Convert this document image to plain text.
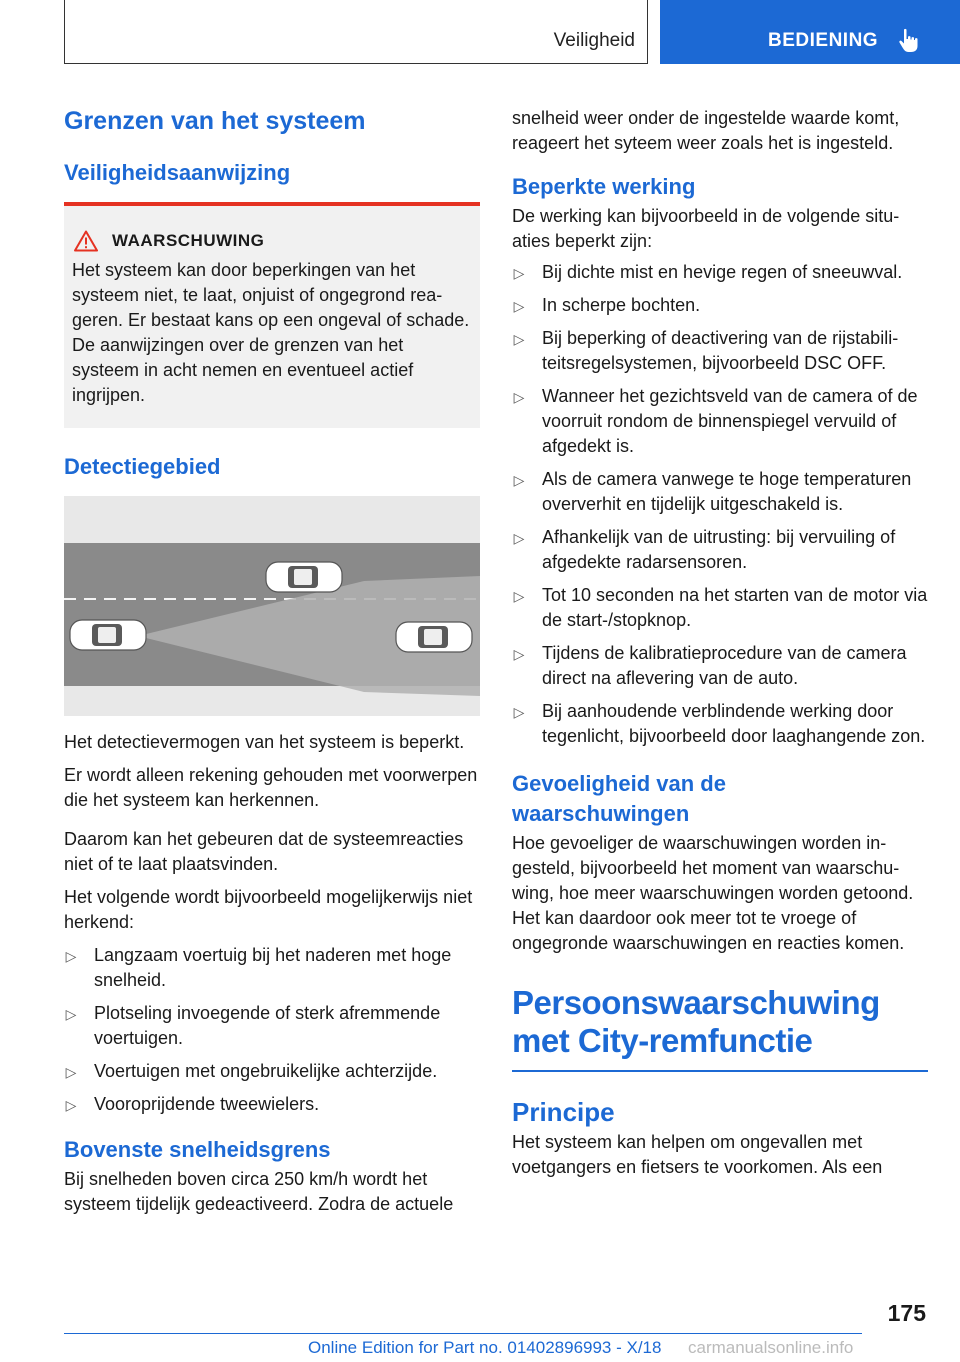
Veiligheid	BEDIENING
Grenzen van het systeem
Veiligheidsaanwijzing
WAARSCHUWING

Het systeem kan door beperkingen van het systeem niet, te laat, onjuist of ongegrond reageren. Er bestaat kans op een ongeval of schade. De aanwijzingen over de grenzen van het systeem in acht nemen en eventueel actief ingrijpen.

Detectiegebied

Het detectievermogen van het systeem is beperkt.

Er wordt alleen rekening gehouden met voorwerpen die het systeem kan herkennen.

Daarom kan het gebeuren dat de systeemreacties niet of te laat plaatsvinden.

Het volgende wordt bijvoorbeeld mogelijkerwijs niet herkend:

▷ Langzaam voertuig bij het naderen met hoge snelheid.
▷ Plotseling invoegende of sterk afremmende voertuigen.
▷ Voertuigen met ongebruikelijke achterzijde.
▷ Vooroprijdende tweewielers.
Bovenste snelheidsgrens

Bij snelheden boven circa 250 km/h wordt het systeem tijdelijk gedeactiveerd. Zodra de actuele

snelheid weer onder de ingestelde waarde komt, reageert het syteem weer zoals het is ingesteld.

Beperkte werking

De werking kan bijvoorbeeld in de volgende situaties beperkt zijn:

▷ Bij dichte mist en hevige regen of sneeuwval.
▷ In scherpe bochten.
▷ Bij beperking of deactivering van de rijstabiliteitsregelsystemen, bijvoorbeeld DSC OFF.
▷ Wanneer het gezichtsveld van de camera of de voorruit rondom de binnenspiegel vervuild of afgedekt is.
▷ Als de camera vanwege te hoge temperaturen oververhit en tijdelijk uitgeschakeld is.
▷ Afhankelijk van de uitrusting: bij vervuiling of afgedekte radarsensoren.
▷ Tot 10 seconden na het starten van de motor via de start-/stopknop.
▷ Tijdens de kalibratieprocedure van de camera direct na aflevering van de auto.
▷ Bij aanhoudende verblindende werking door tegenlicht, bijvoorbeeld door laaghangende zon.
Gevoeligheid van de waarschuwingen

Hoe gevoeliger de waarschuwingen worden ingesteld, bijvoorbeeld het moment van waarschuwing, hoe meer waarschuwingen worden getoond. Het kan daardoor ook meer tot te vroege of ongegronde waarschuwingen en reacties komen.

Persoonswaarschuwing met City-remfunctie
Principe

Het systeem kan helpen om ongevallen met voetgangers en fietsers te voorkomen. Als een

175
Online Edition for Part no. 01402896993 - X/18 carmanualsonline.info
